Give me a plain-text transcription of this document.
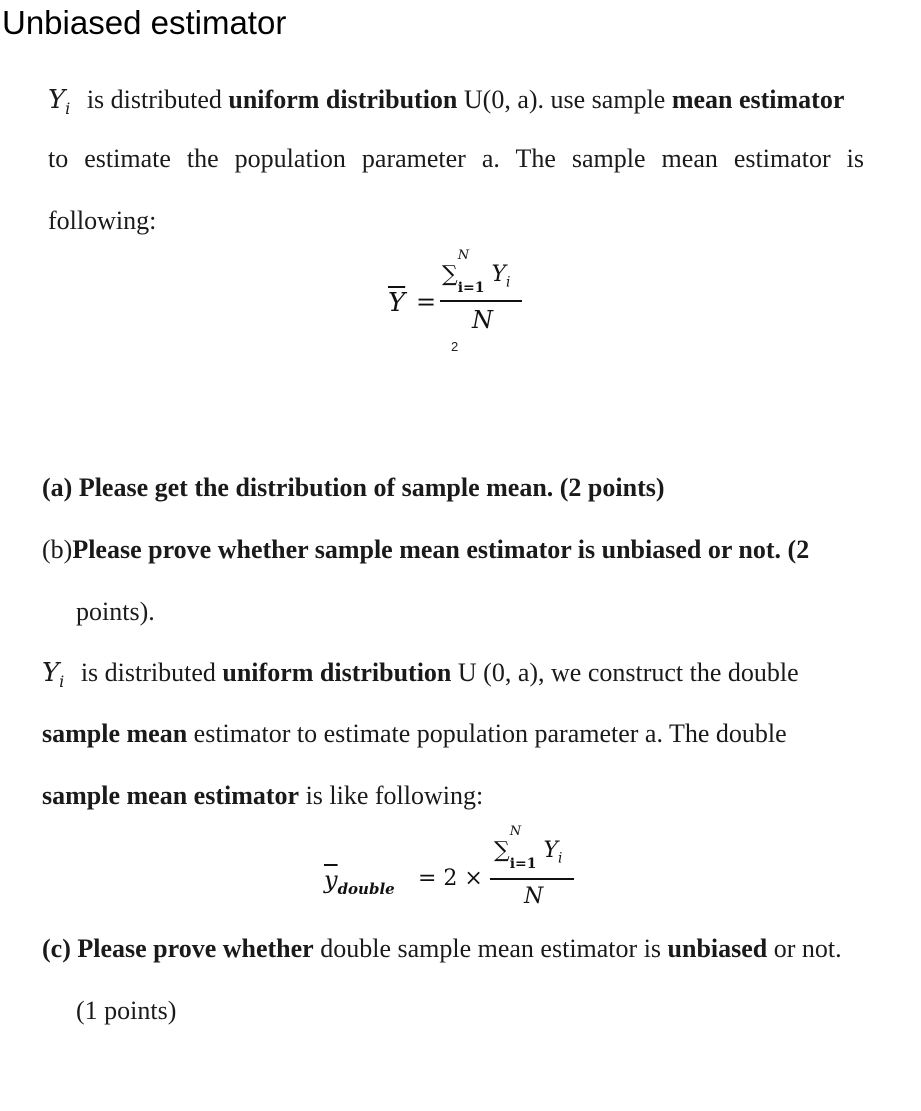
Unbiased estimator
$Y_i$ is distributed uniform distribution U(0, a). use sample mean estimator
to estimate the population parameter a. The sample mean estimator is
following:
$\overline{Y}$ =
∑
N
$_{i=1}$ $Y_i$
N
2
(a) Please get the distribution of sample mean. (2 points)
(b)Please prove whether sample mean estimator is unbiased or not. (2
points).
$Y_i$ is distributed uniform distribution U (0, a), we construct the double
sample mean estimator to estimate population parameter a. The double
sample mean estimator is like following:
$\overline{y}_{double} = 2$ ×
∑
N
$_{i=1}$ $Y_i$
N
(c) Please prove whether double sample mean estimator is unbiased or not.
(1 points)
